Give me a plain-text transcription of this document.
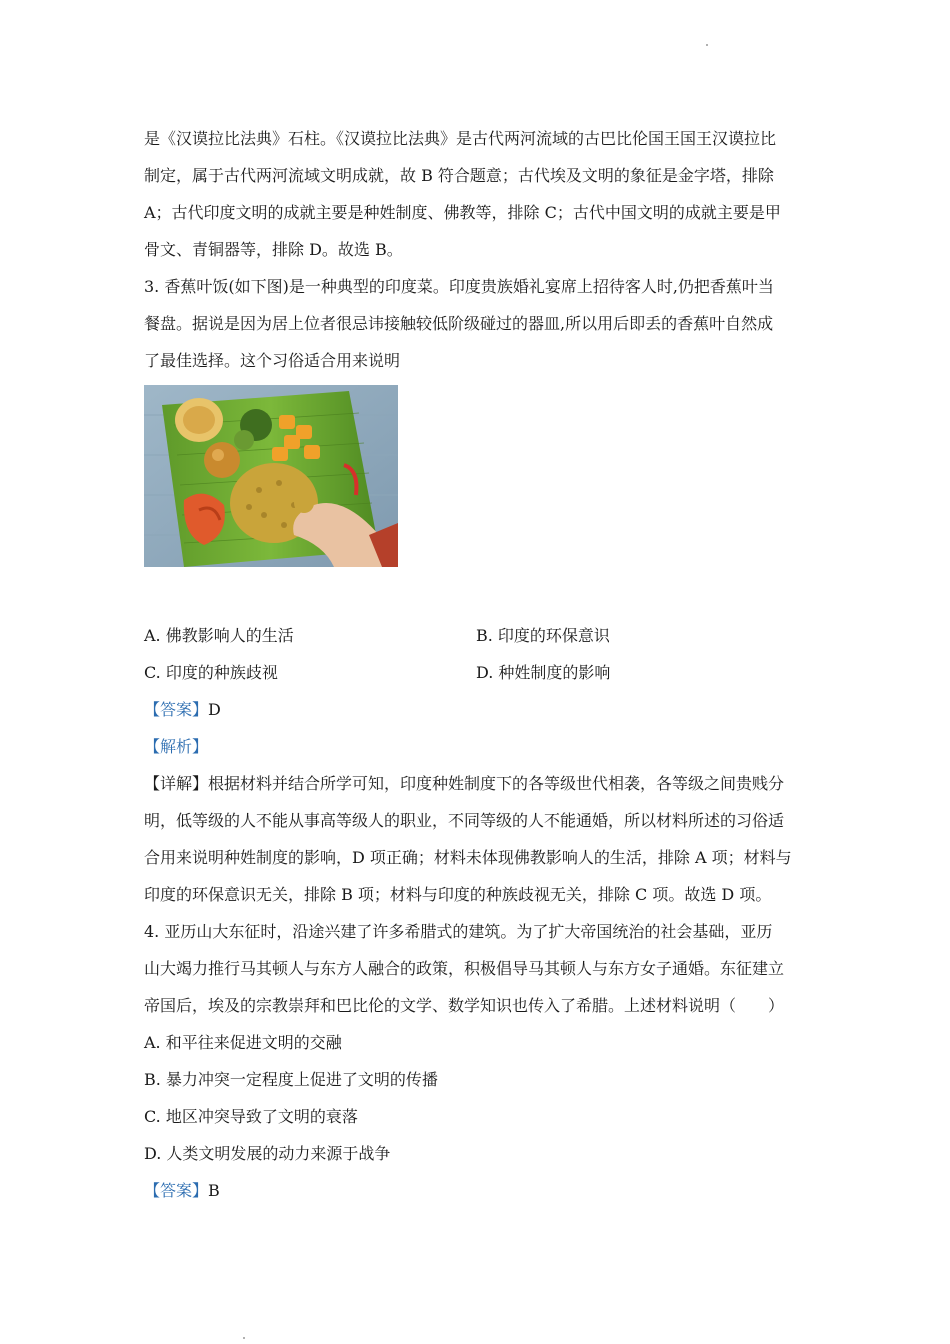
是《汉谟拉比法典》石柱。《汉谟拉比法典》是古代两河流域的古巴比伦国王国王汉谟拉比

制定，属于古代两河流域文明成就，故 B 符合题意；古代埃及文明的象征是金字塔，排除

A；古代印度文明的成就主要是种姓制度、佛教等，排除 C；古代中国文明的成就主要是甲

骨文、青铜器等，排除 D。故选 B。

3. 香蕉叶饭(如下图)是一种典型的印度菜。印度贵族婚礼宴席上招待客人时,仍把香蕉叶当

餐盘。据说是因为居上位者很忌讳接触较低阶级碰过的器皿,所以用后即丢的香蕉叶自然成

了最佳选择。这个习俗适合用来说明

A. 佛教影响人的生活	B. 印度的环保意识
C. 印度的种族歧视	D. 种姓制度的影响

【答案】D

【解析】

【详解】根据材料并结合所学可知，印度种姓制度下的各等级世代相袭，各等级之间贵贱分

明，低等级的人不能从事高等级人的职业，不同等级的人不能通婚，所以材料所述的习俗适

合用来说明种姓制度的影响，D 项正确；材料未体现佛教影响人的生活，排除 A 项；材料与

印度的环保意识无关，排除 B 项；材料与印度的种族歧视无关，排除 C 项。故选 D 项。

4. 亚历山大东征时，沿途兴建了许多希腊式的建筑。为了扩大帝国统治的社会基础，亚历

山大竭力推行马其顿人与东方人融合的政策，积极倡导马其顿人与东方女子通婚。东征建立

帝国后，埃及的宗教崇拜和巴比伦的文学、数学知识也传入了希腊。上述材料说明（　　）

A. 和平往来促进文明的交融

B. 暴力冲突一定程度上促进了文明的传播

C. 地区冲突导致了文明的衰落

D. 人类文明发展的动力来源于战争

【答案】B
